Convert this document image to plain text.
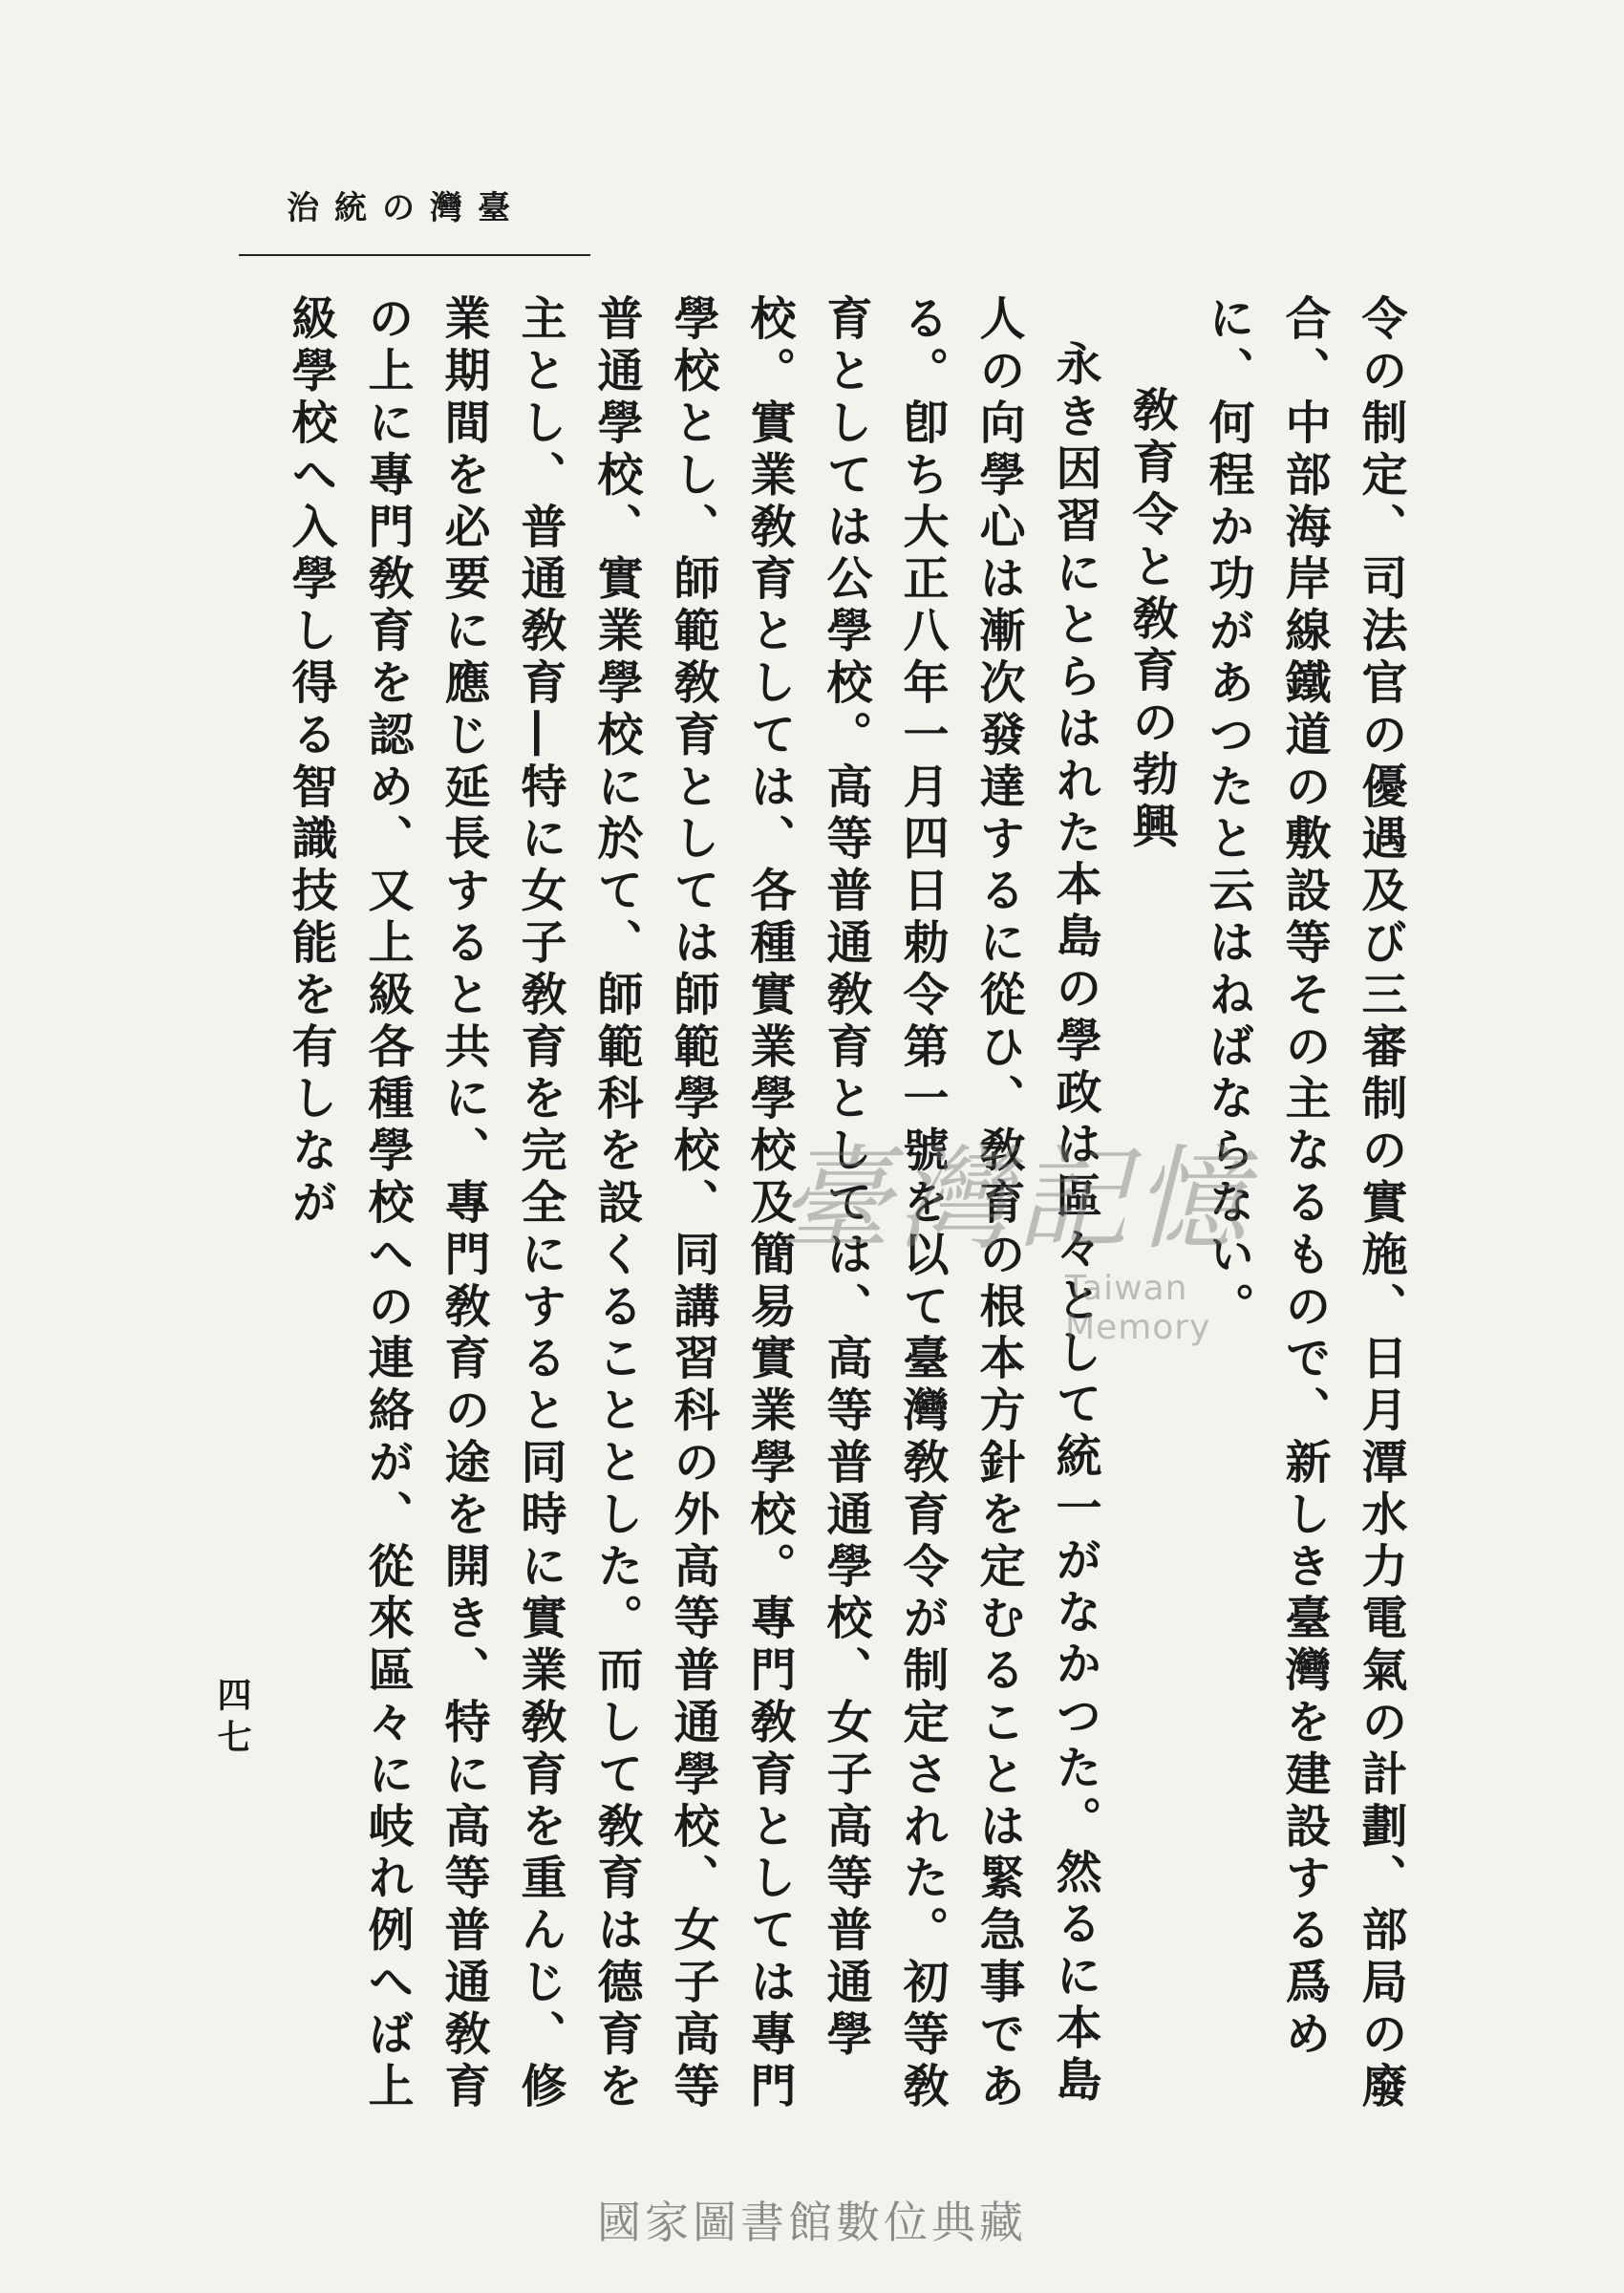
治統の灣臺

令の制定、司法官の優遇及び三審制の實施、日月潭水力電氣の計劃、部局の廢合、中部海岸線鐵道の敷設等その主なるもので、新しき臺灣を建設する爲めに、何程か功があつたと云はねばならない。

敎育令と敎育の勃興

永き因習にとらはれた本島の學政は區々として統一がなかつた。然るに本島人の向學心は漸次發達するに從ひ、敎育の根本方針を定むることは緊急事である。卽ち大正八年一月四日勅令第一號を以て臺灣敎育令が制定された。初等敎育としては公學校。高等普通敎育としては、高等普通學校、女子高等普通學校。實業敎育としては、各種實業學校及簡易實業學校。專門敎育としては專門學校とし、師範敎育としては師範學校、同講習科の外高等普通學校、女子高等普通學校、實業學校に於て、師範科を設くることとした。而して敎育は德育を主とし、普通敎育―特に女子敎育を完全にすると同時に實業敎育を重んじ、修業期間を必要に應じ延長すると共に、專門敎育の途を開き、特に高等普通敎育の上に專門敎育を認め、又上級各種學校への連絡が、從來區々に岐れ例へば上級學校へ入學し得る智識技能を有しなが

四七
臺灣記憶
Taiwan Memory
國家圖書館數位典藏
